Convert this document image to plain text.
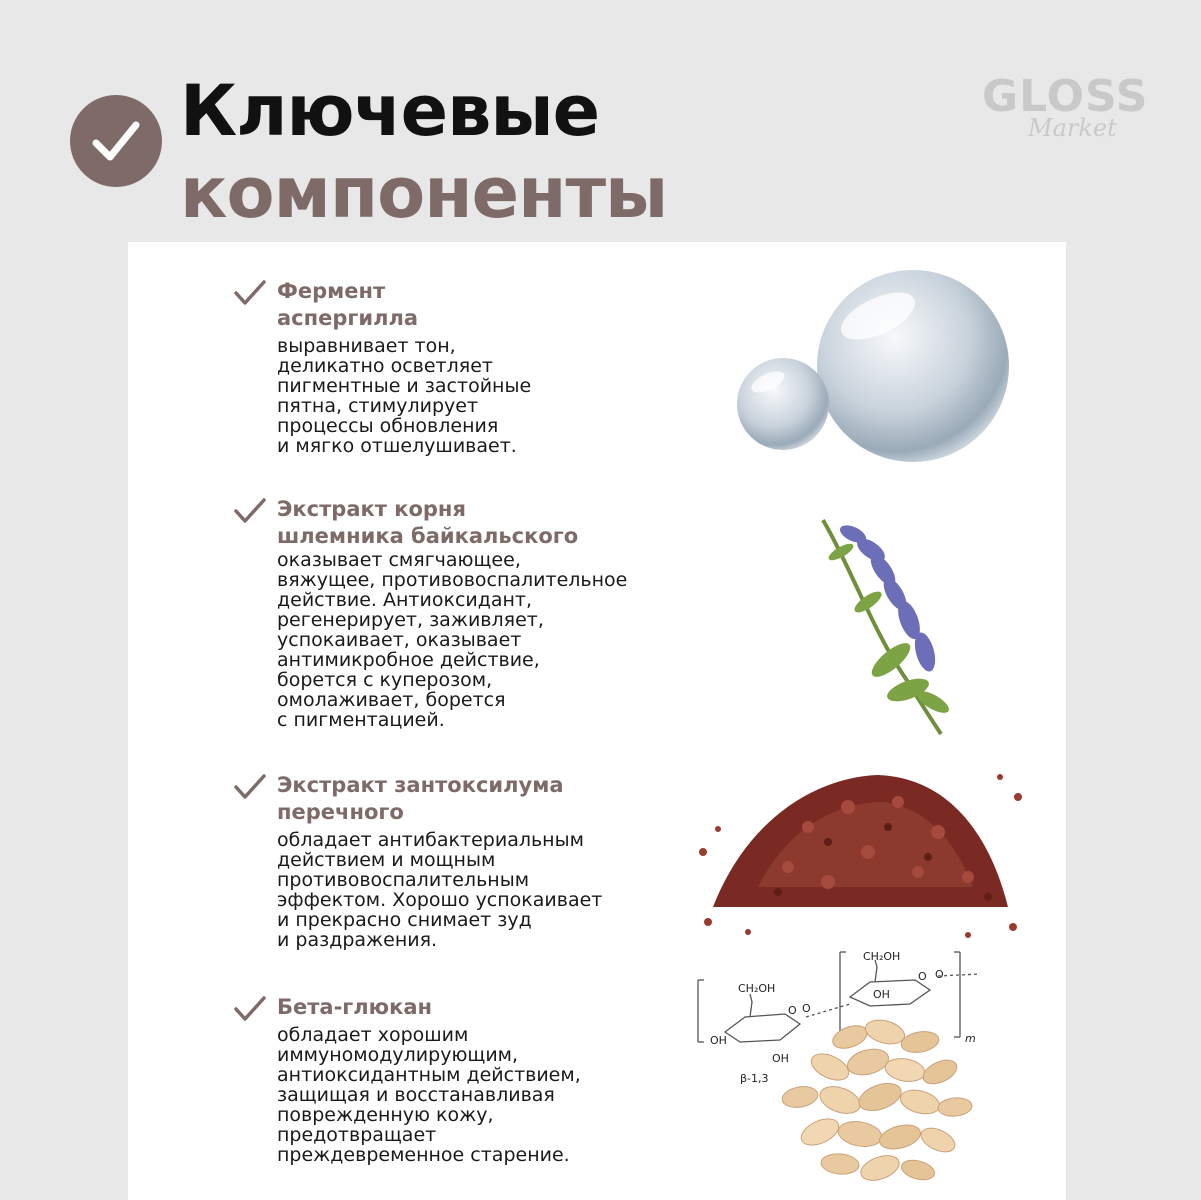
Ключевые
компоненты
GLOSS
Market

Фермент
аспергилла

выравнивает тон,
деликатно осветляет
пигментные и застойные
пятна, стимулирует
процессы обновления
и мягко отшелушивает.

Экстракт корня
шлемника байкальского

оказывает смягчающее,
вяжущее, противовоспалительное
действие. Антиоксидант,
регенерирует, заживляет,
успокаивает, оказывает
антимикробное действие,
борется с куперозом,
омолаживает, борется
с пигментацией.

Экстракт зантоксилума
перечного

обладает антибактериальным
действием и мощным
противовоспалительным
эффектом. Хорошо успокаивает
и прекрасно снимает зуд
и раздражения.

Бета-глюкан

обладает хорошим
иммуномодулирующим,
антиоксидантным действием,
защищая и восстанавливая
поврежденную кожу,
предотвращает
преждевременное старение.

CH₂OH
CH₂OH
OH
OH
OH
O O
O O
m
β-1,3
